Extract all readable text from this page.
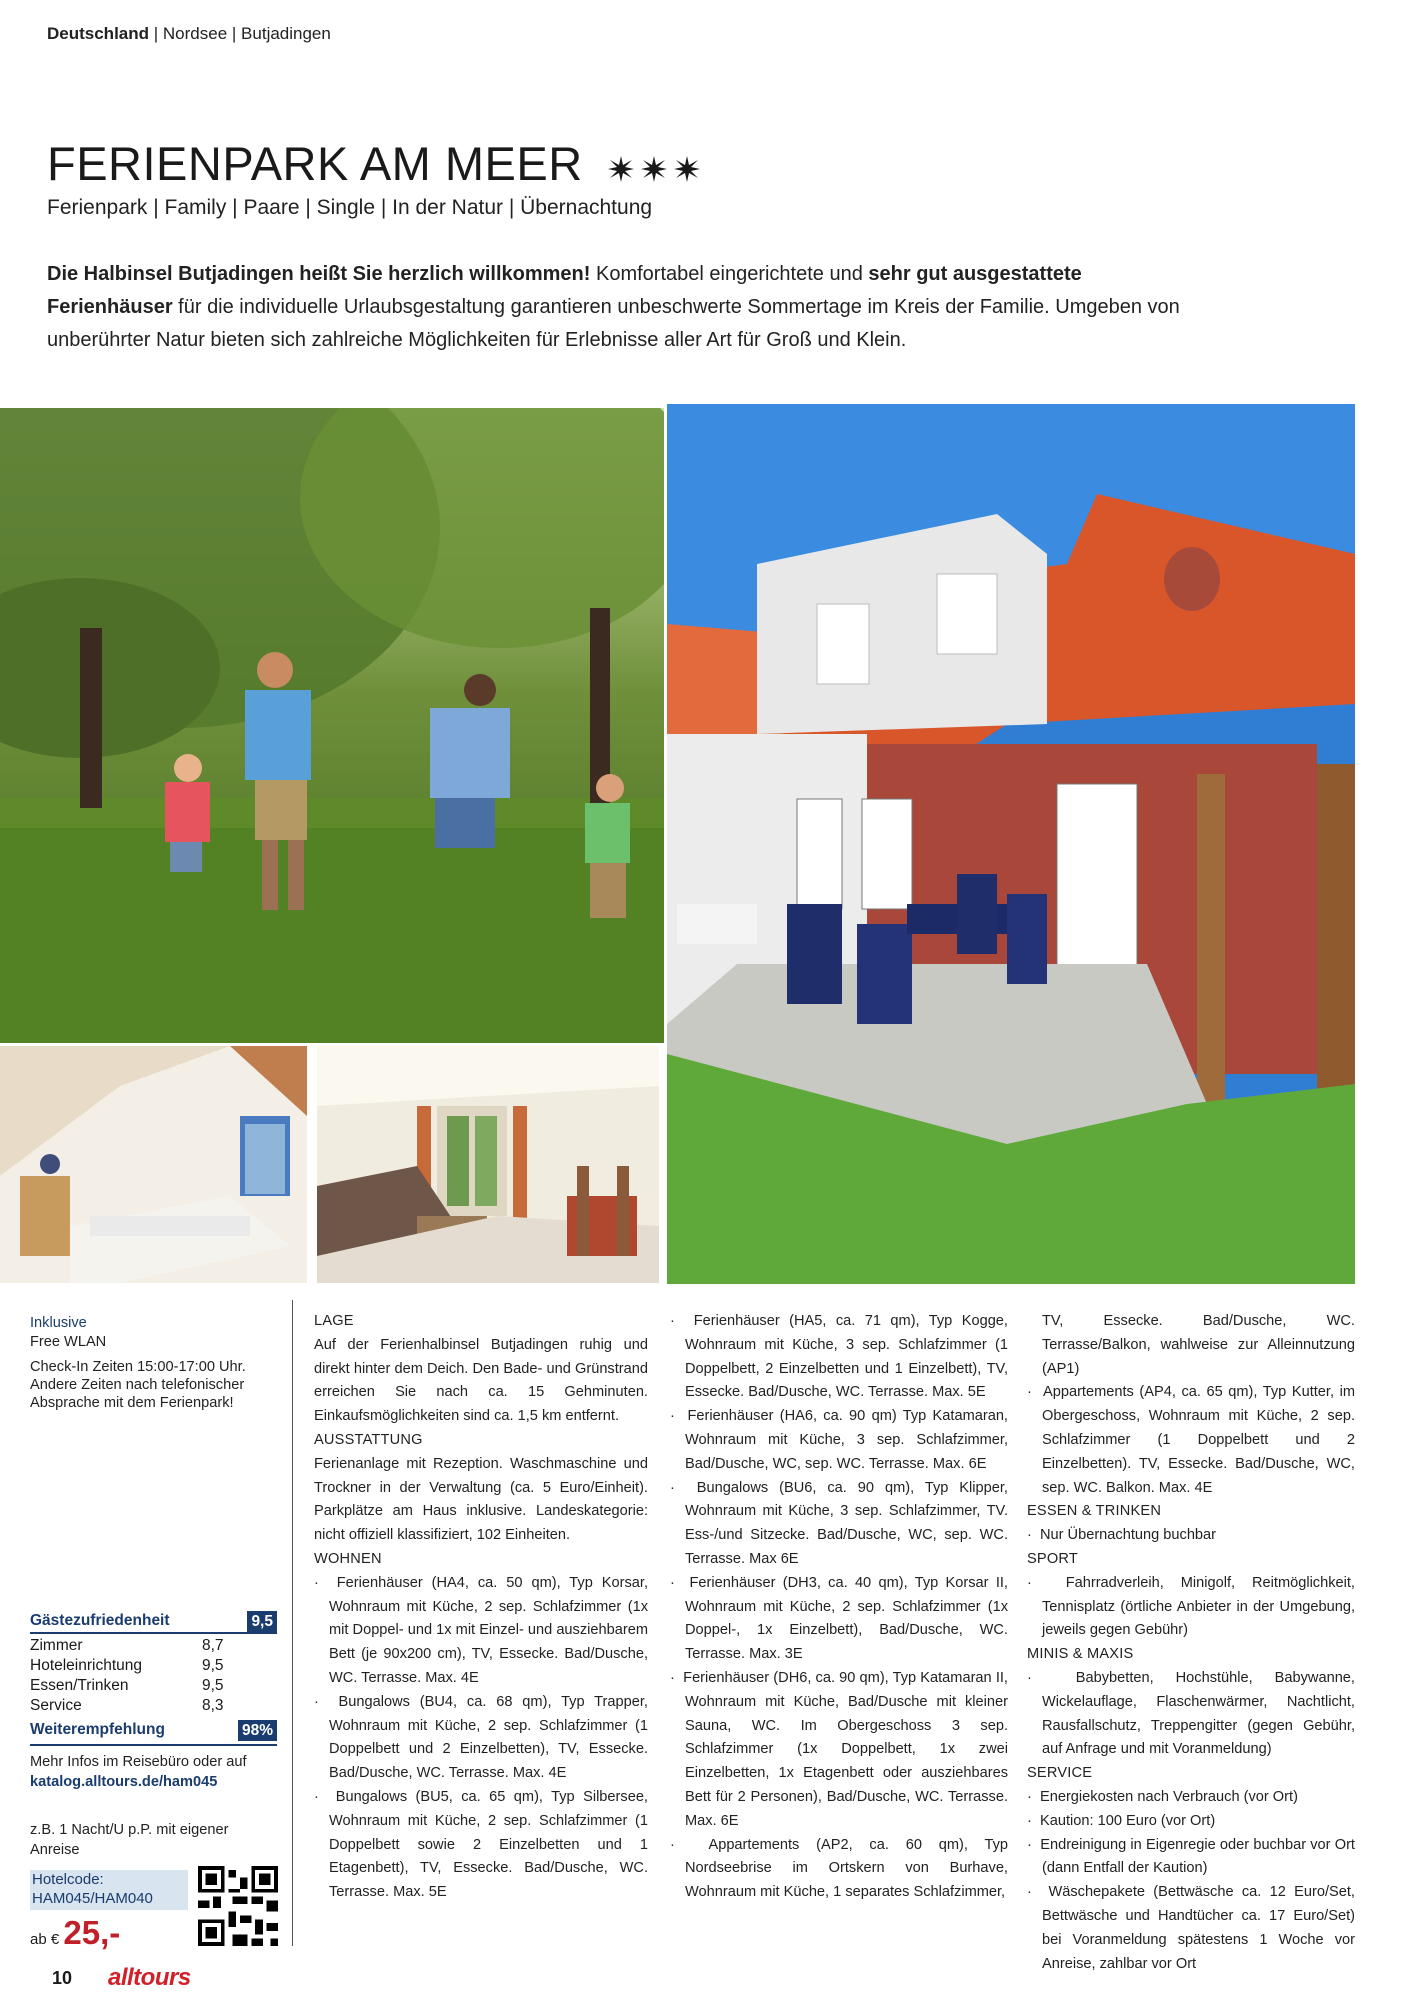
Deutschland | Nordsee | Butjadingen
FERIENPARK AM MEER
Ferienpark | Family | Paare | Single | In der Natur | Übernachtung
Die Halbinsel Butjadingen heißt Sie herzlich willkommen! Komfortabel eingerichtete und sehr gut ausgestattete Ferienhäuser für die individuelle Urlaubsgestaltung garantieren unbeschwerte Sommertage im Kreis der Familie. Umgeben von unberührter Natur bieten sich zahlreiche Möglichkeiten für Erlebnisse aller Art für Groß und Klein.
Inklusive
Free WLAN
Check-In Zeiten 15:00-17:00 Uhr. Andere Zeiten nach telefonischer Absprache mit dem Ferienpark!
Gästezufriedenheit	9,5
Zimmer	8,7
Hoteleinrichtung	9,5
Essen/Trinken	9,5
Service	8,3
Weiterempfehlung	98%
Mehr Infos im Reisebüro oder auf
katalog.alltours.de/ham045
z.B. 1 Nacht/U p.P. mit eigener Anreise
Hotelcode:
HAM045/HAM040
ab € 25,-
LAGE

Auf der Ferienhalbinsel Butjadingen ruhig und direkt hinter dem Deich. Den Bade- und Grünstrand erreichen Sie nach ca. 15 Gehminuten. Einkaufsmöglichkeiten sind ca. 1,5 km entfernt.

AUSSTATTUNG

Ferienanlage mit Rezeption. Waschmaschine und Trockner in der Verwaltung (ca. 5 Euro/Einheit). Parkplätze am Haus inklusive. Landeskategorie: nicht offiziell klassifiziert, 102 Einheiten.

WOHNEN

·  Ferienhäuser (HA4, ca. 50 qm), Typ Korsar, Wohnraum mit Küche, 2 sep. Schlafzimmer (1x mit Doppel- und 1x mit Einzel- und ausziehbarem Bett (je 90x200 cm), TV, Essecke. Bad/Dusche, WC. Terrasse. Max. 4E

·  Bungalows (BU4, ca. 68 qm), Typ Trapper, Wohnraum mit Küche, 2 sep. Schlafzimmer (1 Doppelbett und 2 Einzelbetten), TV, Essecke. Bad/Dusche, WC. Terrasse. Max. 4E

·  Bungalows (BU5, ca. 65 qm), Typ Silbersee, Wohnraum mit Küche, 2 sep. Schlafzimmer (1 Doppelbett sowie 2 Einzelbetten und 1 Etagenbett), TV, Essecke. Bad/Dusche, WC. Terrasse. Max. 5E

·  Ferienhäuser (HA5, ca. 71 qm), Typ Kogge, Wohnraum mit Küche, 3 sep. Schlafzimmer (1 Doppelbett, 2 Einzelbetten und 1 Einzelbett), TV, Essecke. Bad/Dusche, WC. Terrasse. Max. 5E

·  Ferienhäuser (HA6, ca. 90 qm) Typ Katamaran, Wohnraum mit Küche, 3 sep. Schlafzimmer, Bad/Dusche, WC, sep. WC. Terrasse. Max. 6E

·  Bungalows (BU6, ca. 90 qm), Typ Klipper, Wohnraum mit Küche, 3 sep. Schlafzimmer, TV. Ess-/und Sitzecke. Bad/Dusche, WC, sep. WC. Terrasse. Max 6E

·  Ferienhäuser (DH3, ca. 40 qm), Typ Korsar II, Wohnraum mit Küche, 2 sep. Schlafzimmer (1x Doppel-, 1x Einzelbett), Bad/Dusche, WC. Terrasse. Max. 3E

·  Ferienhäuser (DH6, ca. 90 qm), Typ Katamaran II, Wohnraum mit Küche, Bad/Dusche mit kleiner Sauna, WC. Im Obergeschoss 3 sep. Schlafzimmer (1x Doppelbett, 1x zwei Einzelbetten, 1x Etagenbett oder ausziehbares Bett für 2 Personen), Bad/Dusche, WC. Terrasse. Max. 6E

·  Appartements (AP2, ca. 60 qm), Typ Nordseebrise im Ortskern von Burhave, Wohnraum mit Küche, 1 separates Schlafzimmer,

TV, Essecke. Bad/Dusche, WC. Terrasse/Balkon, wahlweise zur Alleinnutzung (AP1)

·  Appartements (AP4, ca. 65 qm), Typ Kutter, im Obergeschoss, Wohnraum mit Küche, 2 sep. Schlafzimmer (1 Doppelbett und 2 Einzelbetten). TV, Essecke. Bad/Dusche, WC, sep. WC. Balkon. Max. 4E

ESSEN & TRINKEN

·  Nur Übernachtung buchbar

SPORT

·  Fahrradverleih, Minigolf, Reitmöglichkeit, Tennisplatz (örtliche Anbieter in der Umgebung, jeweils gegen Gebühr)

MINIS & MAXIS

·  Babybetten, Hochstühle, Babywanne, Wickelauflage, Flaschenwärmer, Nachtlicht, Rausfallschutz, Treppengitter (gegen Gebühr, auf Anfrage und mit Voranmeldung)

SERVICE

·  Energiekosten nach Verbrauch (vor Ort)

·  Kaution: 100 Euro (vor Ort)

·  Endreinigung in Eigenregie oder buchbar vor Ort (dann Entfall der Kaution)

·  Wäschepakete (Bettwäsche ca. 12 Euro/Set, Bettwäsche und Handtücher ca. 17 Euro/Set) bei Voranmeldung spätestens 1 Woche vor Anreise, zahlbar vor Ort

10 alltours
